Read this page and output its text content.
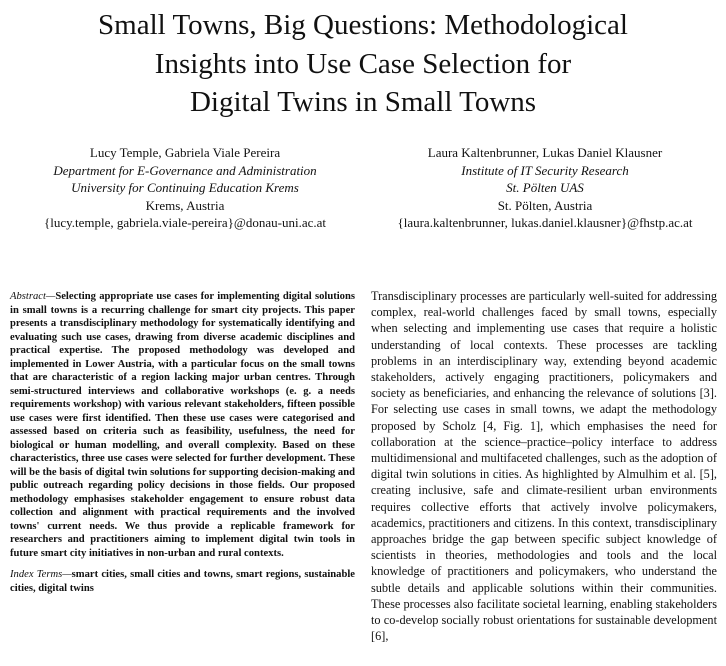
Small Towns, Big Questions: Methodological
Insights into Use Case Selection for
Digital Twins in Small Towns
Lucy Temple, Gabriela Viale Pereira
Department for E-Governance and Administration
University for Continuing Education Krems
Krems, Austria
{lucy.temple, gabriela.viale-pereira}@donau-uni.ac.at
Laura Kaltenbrunner, Lukas Daniel Klausner
Institute of IT Security Research
St. Pölten UAS
St. Pölten, Austria
{laura.kaltenbrunner, lukas.daniel.klausner}@fhstp.ac.at

Abstract—Selecting appropriate use cases for implementing digital solutions in small towns is a recurring challenge for smart city projects. This paper presents a transdisciplinary methodology for systematically identifying and evaluating such use cases, drawing from diverse academic disciplines and practical expertise. The proposed methodology was developed and implemented in Lower Austria, with a particular focus on the small towns that are characteristic of a region lacking major urban centres. Through semi-structured interviews and collaborative workshops (e. g. a needs requirements workshop) with various relevant stakeholders, fifteen possible use cases were first identified. Then these use cases were categorised and assessed based on criteria such as feasibility, usefulness, the need for biological or human modelling, and overall complexity. Based on these characteristics, three use cases were selected for further development. These will be the basis of digital twin solutions for supporting decision-making and public outreach regarding policy decisions in those fields. Our proposed methodology emphasises stakeholder engagement to ensure robust data collection and alignment with practical requirements and the involved towns' current needs. We thus provide a replicable framework for researchers and practitioners aiming to implement digital twin tools in future smart city initiatives in non-urban and rural contexts.

Index Terms—smart cities, small cities and towns, smart regions, sustainable cities, digital twins

Transdisciplinary processes are particularly well-suited for addressing complex, real-world challenges faced by small towns, especially when selecting and implementing use cases that require a holistic understanding of local contexts. These processes are tackling problems in an interdisciplinary way, extending beyond academic stakeholders, actively engaging practitioners, policymakers and society as beneficiaries, and enhancing the relevance of solutions [3]. For selecting use cases in small towns, we adapt the methodology proposed by Scholz [4, Fig. 1], which emphasises the need for collaboration at the science–practice–policy interface to address multidimensional and multifaceted challenges, such as the adoption of digital twin solutions in cities. As highlighted by Almulhim et al. [5], creating inclusive, safe and climate-resilient urban environments requires collective efforts that actively involve policymakers, academics, practitioners and citizens. In this context, transdisciplinary approaches bridge the gap between specific subject knowledge of scientists in theories, methodologies and tools and the local knowledge of practitioners and policymakers, who understand the subtle details and applicable solutions within their communities. These processes also facilitate societal learning, enabling stakeholders to co-develop socially robust orientations for sustainable development [6],
